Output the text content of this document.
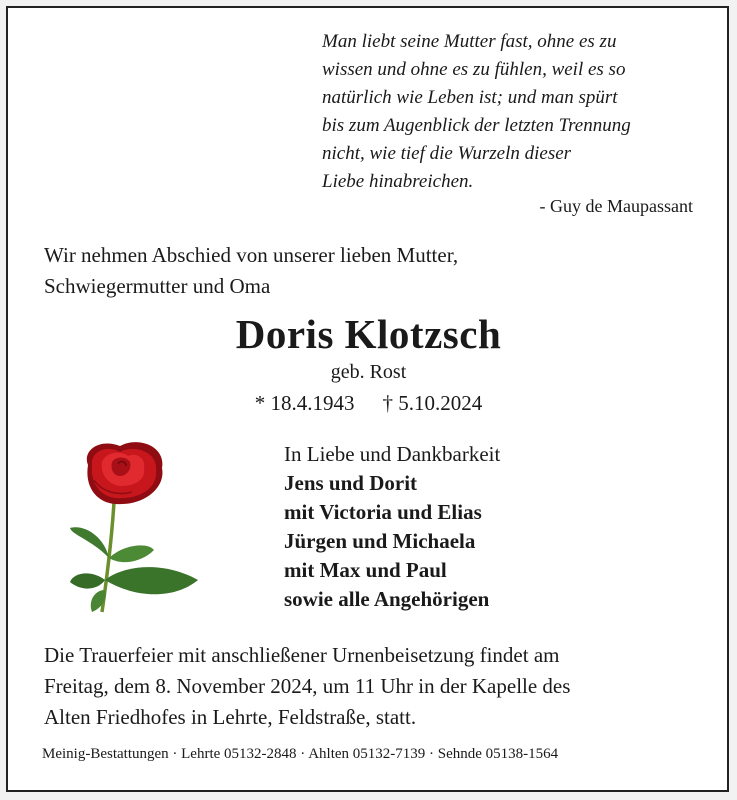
Man liebt seine Mutter fast, ohne es zu
wissen und ohne es zu fühlen, weil es so
natürlich wie Leben ist; und man spürt
bis zum Augenblick der letzten Trennung
nicht, wie tief die Wurzeln dieser
Liebe hinabreichen.
- Guy de Maupassant
Wir nehmen Abschied von unserer lieben Mutter,
Schwiegermutter und Oma
Doris Klotzsch
geb. Rost
* 18.4.1943 † 5.10.2024
In Liebe und Dankbarkeit
Jens und Dorit
mit Victoria und Elias
Jürgen und Michaela
mit Max und Paul
sowie alle Angehörigen
Die Trauerfeier mit anschließener Urnenbeisetzung findet am
Freitag, dem 8. November 2024, um 11 Uhr in der Kapelle des
Alten Friedhofes in Lehrte, Feldstraße, statt.
Meinig-Bestattungen · Lehrte 05132-2848 · Ahlten 05132-7139 · Sehnde 05138-1564
